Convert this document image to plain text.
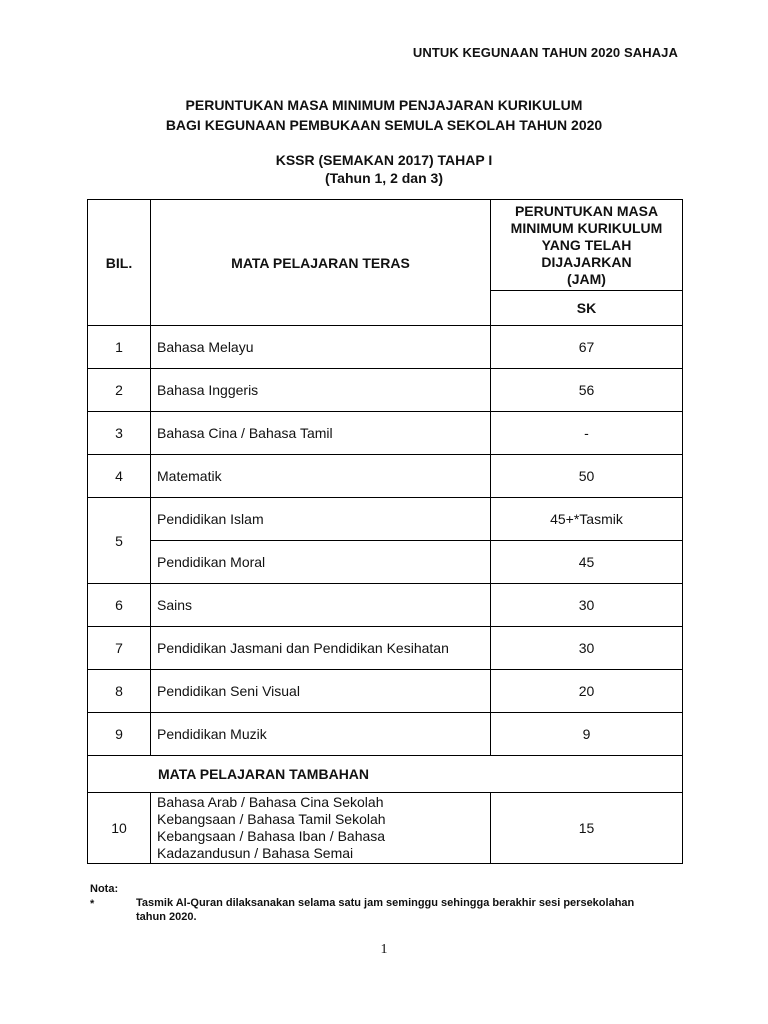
UNTUK KEGUNAAN TAHUN 2020 SAHAJA
PERUNTUKAN MASA MINIMUM PENJAJARAN KURIKULUM
BAGI KEGUNAAN PEMBUKAAN SEMULA SEKOLAH TAHUN 2020
KSSR (SEMAKAN 2017) TAHAP I
(Tahun 1, 2 dan 3)
BIL.	MATA PELAJARAN TERAS	PERUNTUKAN MASA
MINIMUM KURIKULUM
YANG TELAH
DIJAJARKAN
(JAM)
		SK
1	Bahasa Melayu	67
2	Bahasa Inggeris	56
3	Bahasa Cina / Bahasa Tamil	-
4	Matematik	50
5	Pendidikan Islam	45+*Tasmik
	Pendidikan Moral	45
6	Sains	30
7	Pendidikan Jasmani dan Pendidikan Kesihatan	30
8	Pendidikan Seni Visual	20
9	Pendidikan Muzik	9
MATA PELAJARAN TAMBAHAN		
10	Bahasa Arab / Bahasa Cina Sekolah
Kebangsaan / Bahasa Tamil Sekolah
Kebangsaan / Bahasa Iban / Bahasa
Kadazandusun / Bahasa Semai	15
Nota:
*	Tasmik Al-Quran dilaksanakan selama satu jam seminggu sehingga berakhir sesi persekolahan
tahun 2020.
1
